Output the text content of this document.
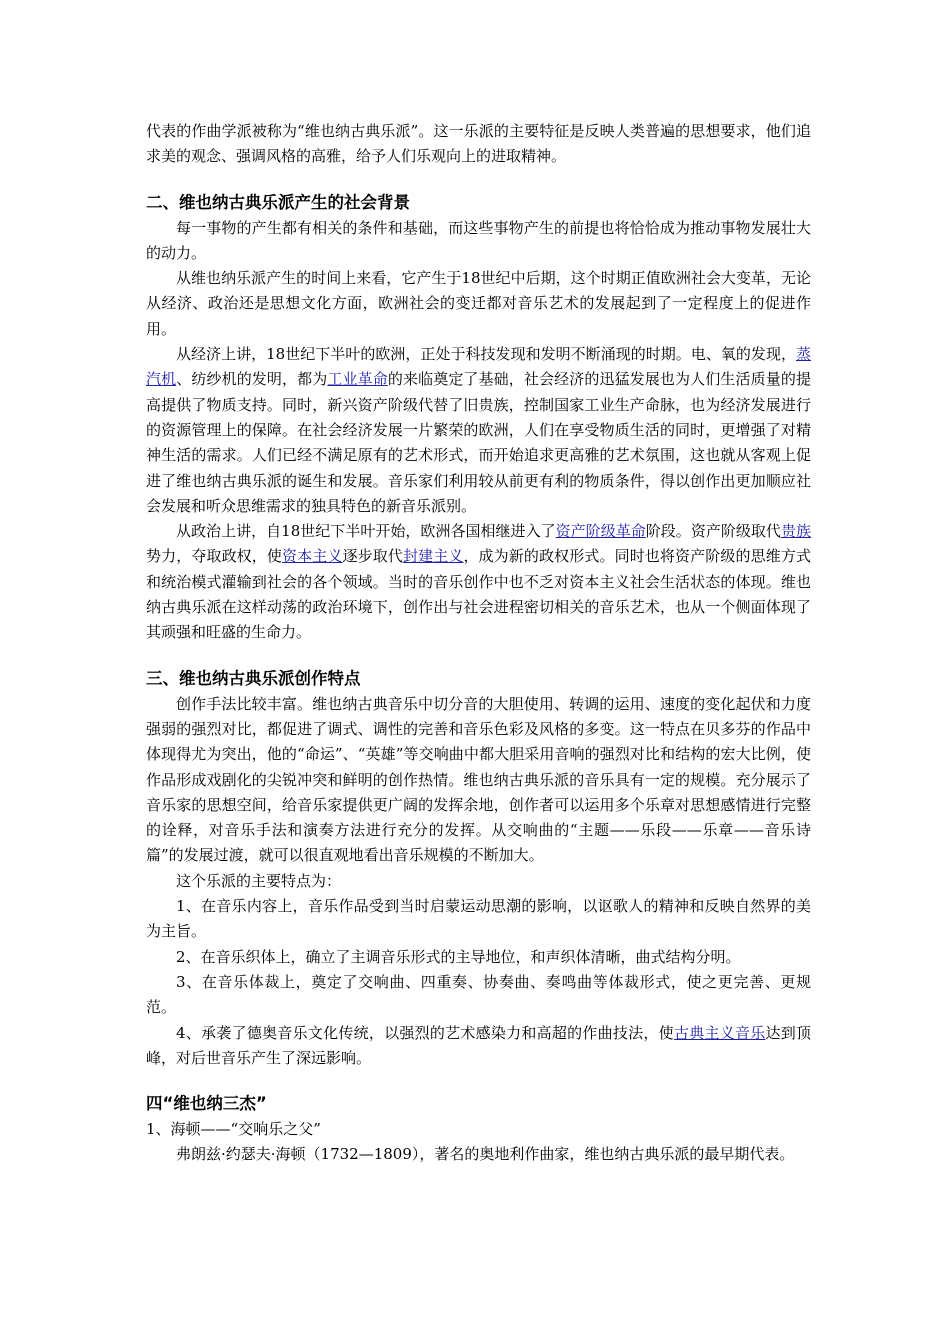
代表的作曲学派被称为“维也纳古典乐派”。这一乐派的主要特征是反映人类普遍的思想要求，他们追求美的观念、强调风格的高雅，给予人们乐观向上的进取精神。

二、维也纳古典乐派产生的社会背景

每一事物的产生都有相关的条件和基础，而这些事物产生的前提也将恰恰成为推动事物发展壮大的动力。

从维也纳乐派产生的时间上来看，它产生于18世纪中后期，这个时期正值欧洲社会大变革，无论从经济、政治还是思想文化方面，欧洲社会的变迁都对音乐艺术的发展起到了一定程度上的促进作用。

从经济上讲，18世纪下半叶的欧洲，正处于科技发现和发明不断涌现的时期。电、氧的发现，蒸汽机、纺纱机的发明，都为工业革命的来临奠定了基础，社会经济的迅猛发展也为人们生活质量的提高提供了物质支持。同时，新兴资产阶级代替了旧贵族，控制国家工业生产命脉，也为经济发展进行的资源管理上的保障。在社会经济发展一片繁荣的欧洲，人们在享受物质生活的同时，更增强了对精神生活的需求。人们已经不满足原有的艺术形式，而开始追求更高雅的艺术氛围，这也就从客观上促进了维也纳古典乐派的诞生和发展。音乐家们利用较从前更有利的物质条件，得以创作出更加顺应社会发展和听众思维需求的独具特色的新音乐派别。

从政治上讲，自18世纪下半叶开始，欧洲各国相继进入了资产阶级革命阶段。资产阶级取代贵族势力，夺取政权，使资本主义逐步取代封建主义，成为新的政权形式。同时也将资产阶级的思维方式和统治模式灌输到社会的各个领域。当时的音乐创作中也不乏对资本主义社会生活状态的体现。维也纳古典乐派在这样动荡的政治环境下，创作出与社会进程密切相关的音乐艺术，也从一个侧面体现了其顽强和旺盛的生命力。

三、维也纳古典乐派创作特点

创作手法比较丰富。维也纳古典音乐中切分音的大胆使用、转调的运用、速度的变化起伏和力度强弱的强烈对比，都促进了调式、调性的完善和音乐色彩及风格的多变。这一特点在贝多芬的作品中体现得尤为突出，他的“命运”、“英雄”等交响曲中都大胆采用音响的强烈对比和结构的宏大比例，使作品形成戏剧化的尖锐冲突和鲜明的创作热情。维也纳古典乐派的音乐具有一定的规模。充分展示了音乐家的思想空间，给音乐家提供更广阔的发挥余地，创作者可以运用多个乐章对思想感情进行完整的诠释，对音乐手法和演奏方法进行充分的发挥。从交响曲的“主题——乐段——乐章——音乐诗篇”的发展过渡，就可以很直观地看出音乐规模的不断加大。

这个乐派的主要特点为：

1、在音乐内容上，音乐作品受到当时启蒙运动思潮的影响，以讴歌人的精神和反映自然界的美为主旨。

2、在音乐织体上，确立了主调音乐形式的主导地位，和声织体清晰，曲式结构分明。

3、在音乐体裁上，奠定了交响曲、四重奏、协奏曲、奏鸣曲等体裁形式，使之更完善、更规范。

4、承袭了德奥音乐文化传统，以强烈的艺术感染力和高超的作曲技法，使古典主义音乐达到顶峰，对后世音乐产生了深远影响。

四“维也纳三杰”

1、海顿——“交响乐之父”

弗朗兹·约瑟夫·海顿（1732—1809），著名的奥地利作曲家，维也纳古典乐派的最早期代表。
